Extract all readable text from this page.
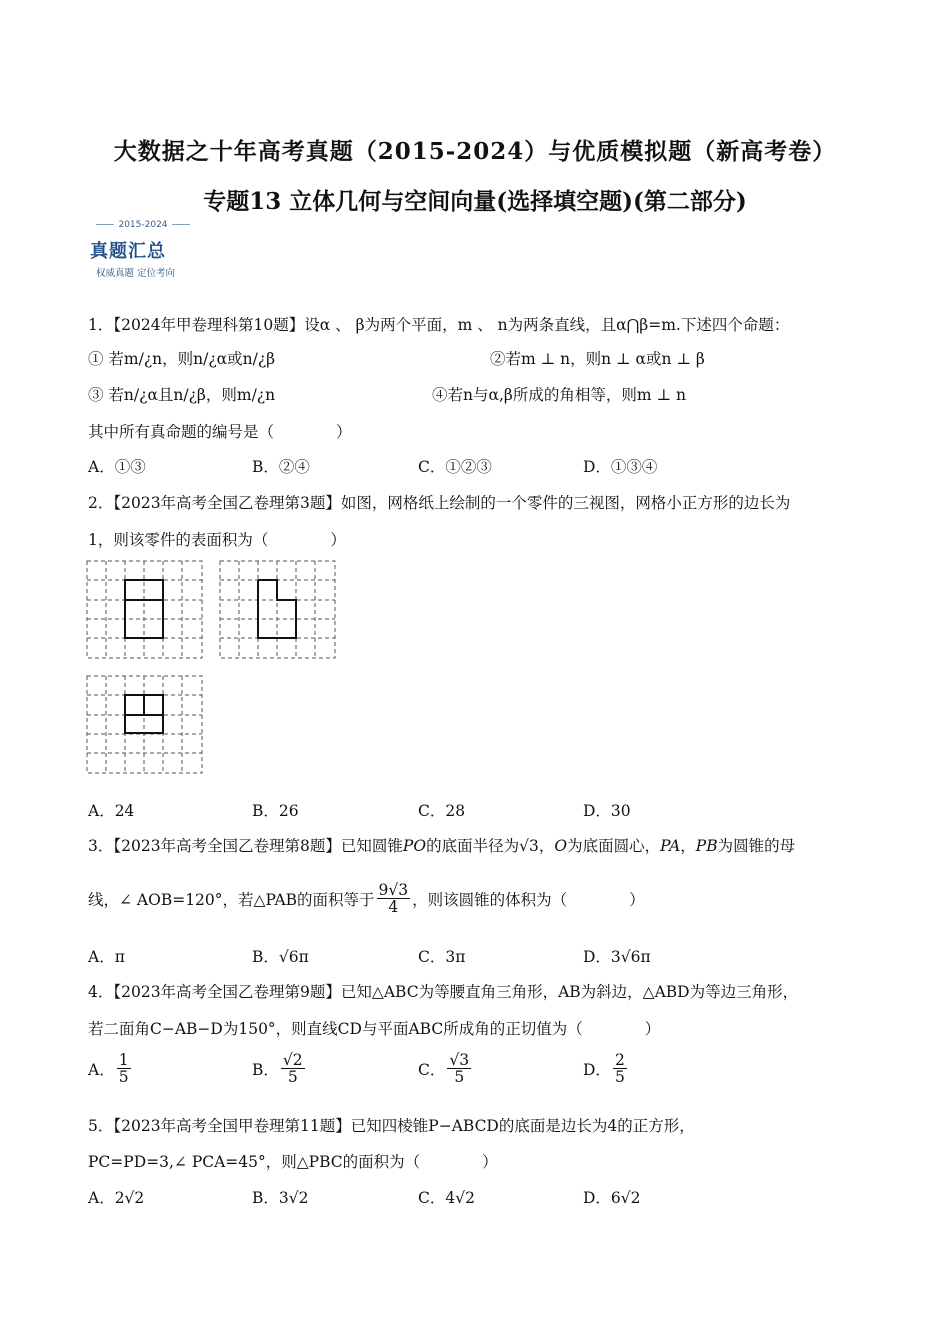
大数据之十年高考真题（2015-2024）与优质模拟题（新高考卷）
专题13 立体几何与空间向量(选择填空题)(第二部分)
2015-2024
真题汇总
权威真题 定位考向
1．【2024年甲卷理科第10题】设α 、 β为两个平面，m 、 n为两条直线，且α⋂β=m.下述四个命题：
① 若m/¿n，则n/¿α或n/¿β	②若m ⊥ n，则n ⊥ α或n ⊥ β
③ 若n/¿α且n/¿β，则m/¿n	④若n与α,β所成的角相等，则m ⊥ n
其中所有真命题的编号是（　　　　）
A．①③	B．②④	C．①②③	D．①③④
2．【2023年高考全国乙卷理第3题】如图，网格纸上绘制的一个零件的三视图，网格小正方形的边长为
1，则该零件的表面积为（　　　　）
A．24	B．26	C．28	D．30
3．【2023年高考全国乙卷理第8题】已知圆锥PO的底面半径为√3，O为底面圆心，PA，PB为圆锥的母
线，∠ AOB=120°，若△PAB的面积等于 $\frac{9√3}{4}$ ，则该圆锥的体积为（　　　　）
A．π	B．√6π	C．3π	D．3√6π
4．【2023年高考全国乙卷理第9题】已知△ABC为等腰直角三角形，AB为斜边，△ABD为等边三角形，
若二面角C−AB−D为150°，则直线CD与平面ABC所成角的正切值为（　　　　）
A． $\frac{1}{5}$	B． $\frac{√2}{5}$	C． $\frac{√3}{5}$	D． $\frac{2}{5}$
5．【2023年高考全国甲卷理第11题】已知四棱锥P−ABCD的底面是边长为4的正方形，
PC=PD=3,∠ PCA=45°，则△PBC的面积为（　　　　）
A．2√2	B．3√2	C．4√2	D．6√2
